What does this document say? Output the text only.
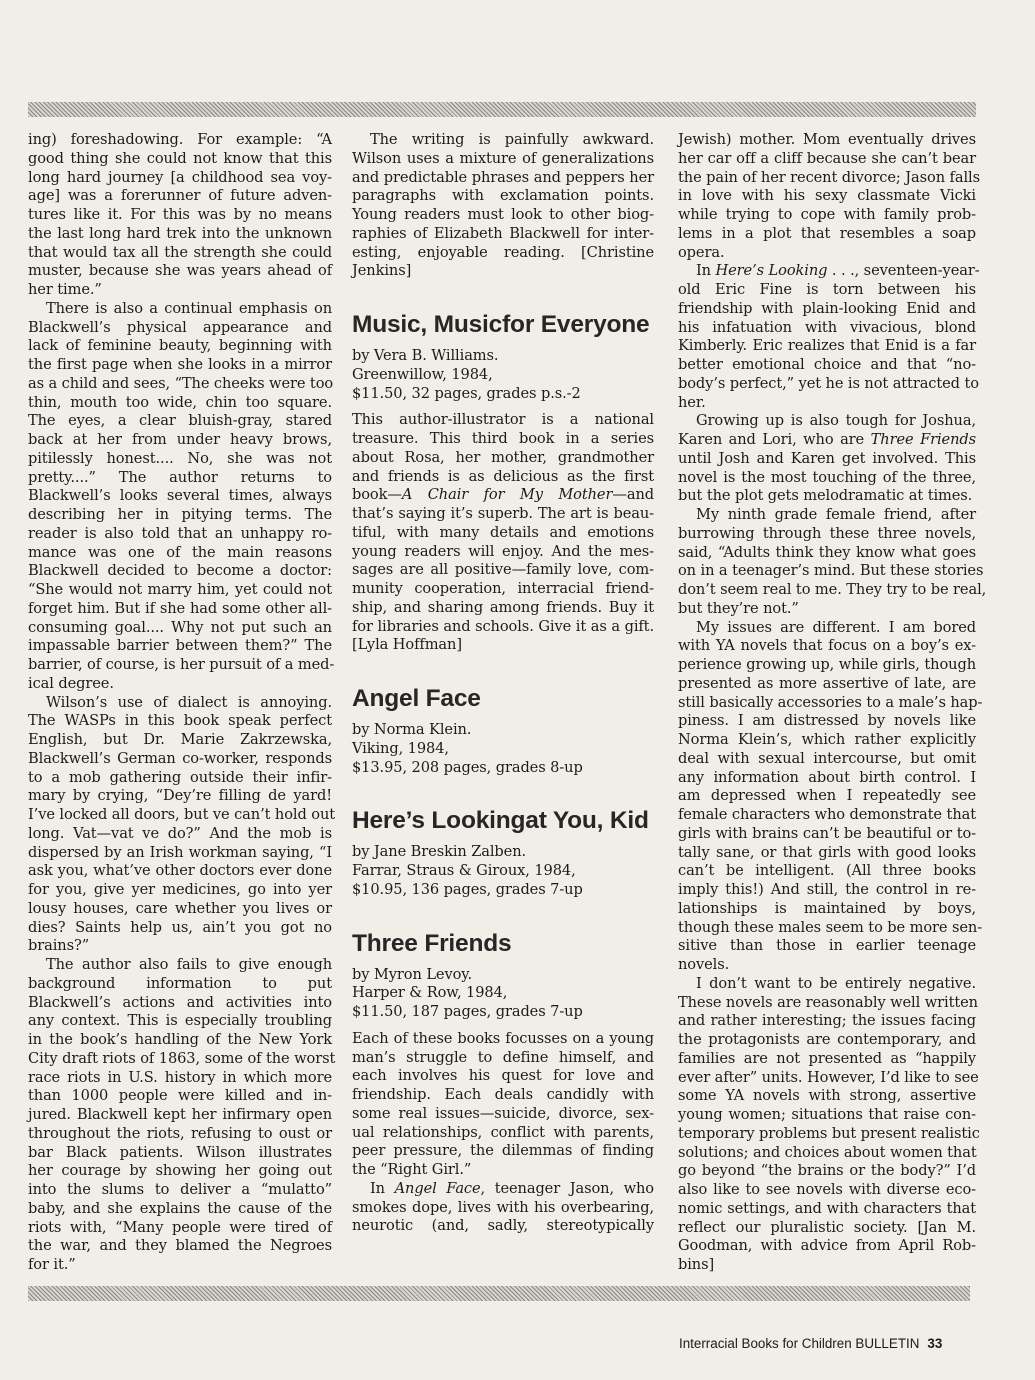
ing) foreshadowing. For example: “A
good thing she could not know that this
long hard journey [a childhood sea voy-
age] was a forerunner of future adven-
tures like it. For this was by no means
the last long hard trek into the unknown
that would tax all the strength she could
muster, because she was years ahead of
her time.”
There is also a continual emphasis on
Blackwell’s physical appearance and
lack of feminine beauty, beginning with
the first page when she looks in a mirror
as a child and sees, “The cheeks were too
thin, mouth too wide, chin too square.
The eyes, a clear bluish-gray, stared
back at her from under heavy brows,
pitilessly honest.... No, she was not
pretty....” The author returns to
Blackwell’s looks several times, always
describing her in pitying terms. The
reader is also told that an unhappy ro-
mance was one of the main reasons
Blackwell decided to become a doctor:
“She would not marry him, yet could not
forget him. But if she had some other all-
consuming goal.... Why not put such an
impassable barrier between them?” The
barrier, of course, is her pursuit of a med-
ical degree.
Wilson’s use of dialect is annoying.
The WASPs in this book speak perfect
English, but Dr. Marie Zakrzewska,
Blackwell’s German co-worker, responds
to a mob gathering outside their infir-
mary by crying, “Dey’re filling de yard!
I’ve locked all doors, but ve can’t hold out
long. Vat—vat ve do?” And the mob is
dispersed by an Irish workman saying, “I
ask you, what’ve other doctors ever done
for you, give yer medicines, go into yer
lousy houses, care whether you lives or
dies? Saints help us, ain’t you got no
brains?”
The author also fails to give enough
background information to put
Blackwell’s actions and activities into
any context. This is especially troubling
in the book’s handling of the New York
City draft riots of 1863, some of the worst
race riots in U.S. history in which more
than 1000 people were killed and in-
jured. Blackwell kept her infirmary open
throughout the riots, refusing to oust or
bar Black patients. Wilson illustrates
her courage by showing her going out
into the slums to deliver a “mulatto”
baby, and she explains the cause of the
riots with, “Many people were tired of
the war, and they blamed the Negroes
for it.”
The writing is painfully awkward.
Wilson uses a mixture of generalizations
and predictable phrases and peppers her
paragraphs with exclamation points.
Young readers must look to other biog-
raphies of Elizabeth Blackwell for inter-
esting, enjoyable reading. [Christine
Jenkins]
Music, Musicfor Everyone
by Vera B. Williams.
Greenwillow, 1984,
$11.50, 32 pages, grades p.s.-2
This author-illustrator is a national
treasure. This third book in a series
about Rosa, her mother, grandmother
and friends is as delicious as the first
book—A Chair for My Mother—and
that’s saying it’s superb. The art is beau-
tiful, with many details and emotions
young readers will enjoy. And the mes-
sages are all positive—family love, com-
munity cooperation, interracial friend-
ship, and sharing among friends. Buy it
for libraries and schools. Give it as a gift.
[Lyla Hoffman]
Angel Face
by Norma Klein.
Viking, 1984,
$13.95, 208 pages, grades 8-up
Here’s Lookingat You, Kid
by Jane Breskin Zalben.
Farrar, Straus & Giroux, 1984,
$10.95, 136 pages, grades 7-up
Three Friends
by Myron Levoy.
Harper & Row, 1984,
$11.50, 187 pages, grades 7-up
Each of these books focusses on a young
man’s struggle to define himself, and
each involves his quest for love and
friendship. Each deals candidly with
some real issues—suicide, divorce, sex-
ual relationships, conflict with parents,
peer pressure, the dilemmas of finding
the “Right Girl.”
In Angel Face, teenager Jason, who
smokes dope, lives with his overbearing,
neurotic (and, sadly, stereotypically
Jewish) mother. Mom eventually drives
her car off a cliff because she can’t bear
the pain of her recent divorce; Jason falls
in love with his sexy classmate Vicki
while trying to cope with family prob-
lems in a plot that resembles a soap
opera.
In Here’s Looking . . ., seventeen-year-
old Eric Fine is torn between his
friendship with plain-looking Enid and
his infatuation with vivacious, blond
Kimberly. Eric realizes that Enid is a far
better emotional choice and that “no-
body’s perfect,” yet he is not attracted to
her.
Growing up is also tough for Joshua,
Karen and Lori, who are Three Friends
until Josh and Karen get involved. This
novel is the most touching of the three,
but the plot gets melodramatic at times.
My ninth grade female friend, after
burrowing through these three novels,
said, “Adults think they know what goes
on in a teenager’s mind. But these stories
don’t seem real to me. They try to be real,
but they’re not.”
My issues are different. I am bored
with YA novels that focus on a boy’s ex-
perience growing up, while girls, though
presented as more assertive of late, are
still basically accessories to a male’s hap-
piness. I am distressed by novels like
Norma Klein’s, which rather explicitly
deal with sexual intercourse, but omit
any information about birth control. I
am depressed when I repeatedly see
female characters who demonstrate that
girls with brains can’t be beautiful or to-
tally sane, or that girls with good looks
can’t be intelligent. (All three books
imply this!) And still, the control in re-
lationships is maintained by boys,
though these males seem to be more sen-
sitive than those in earlier teenage
novels.
I don’t want to be entirely negative.
These novels are reasonably well written
and rather interesting; the issues facing
the protagonists are contemporary, and
families are not presented as “happily
ever after” units. However, I’d like to see
some YA novels with strong, assertive
young women; situations that raise con-
temporary problems but present realistic
solutions; and choices about women that
go beyond “the brains or the body?” I’d
also like to see novels with diverse eco-
nomic settings, and with characters that
reflect our pluralistic society. [Jan M.
Goodman, with advice from April Rob-
bins]
Interracial Books for Children BULLETIN 33
